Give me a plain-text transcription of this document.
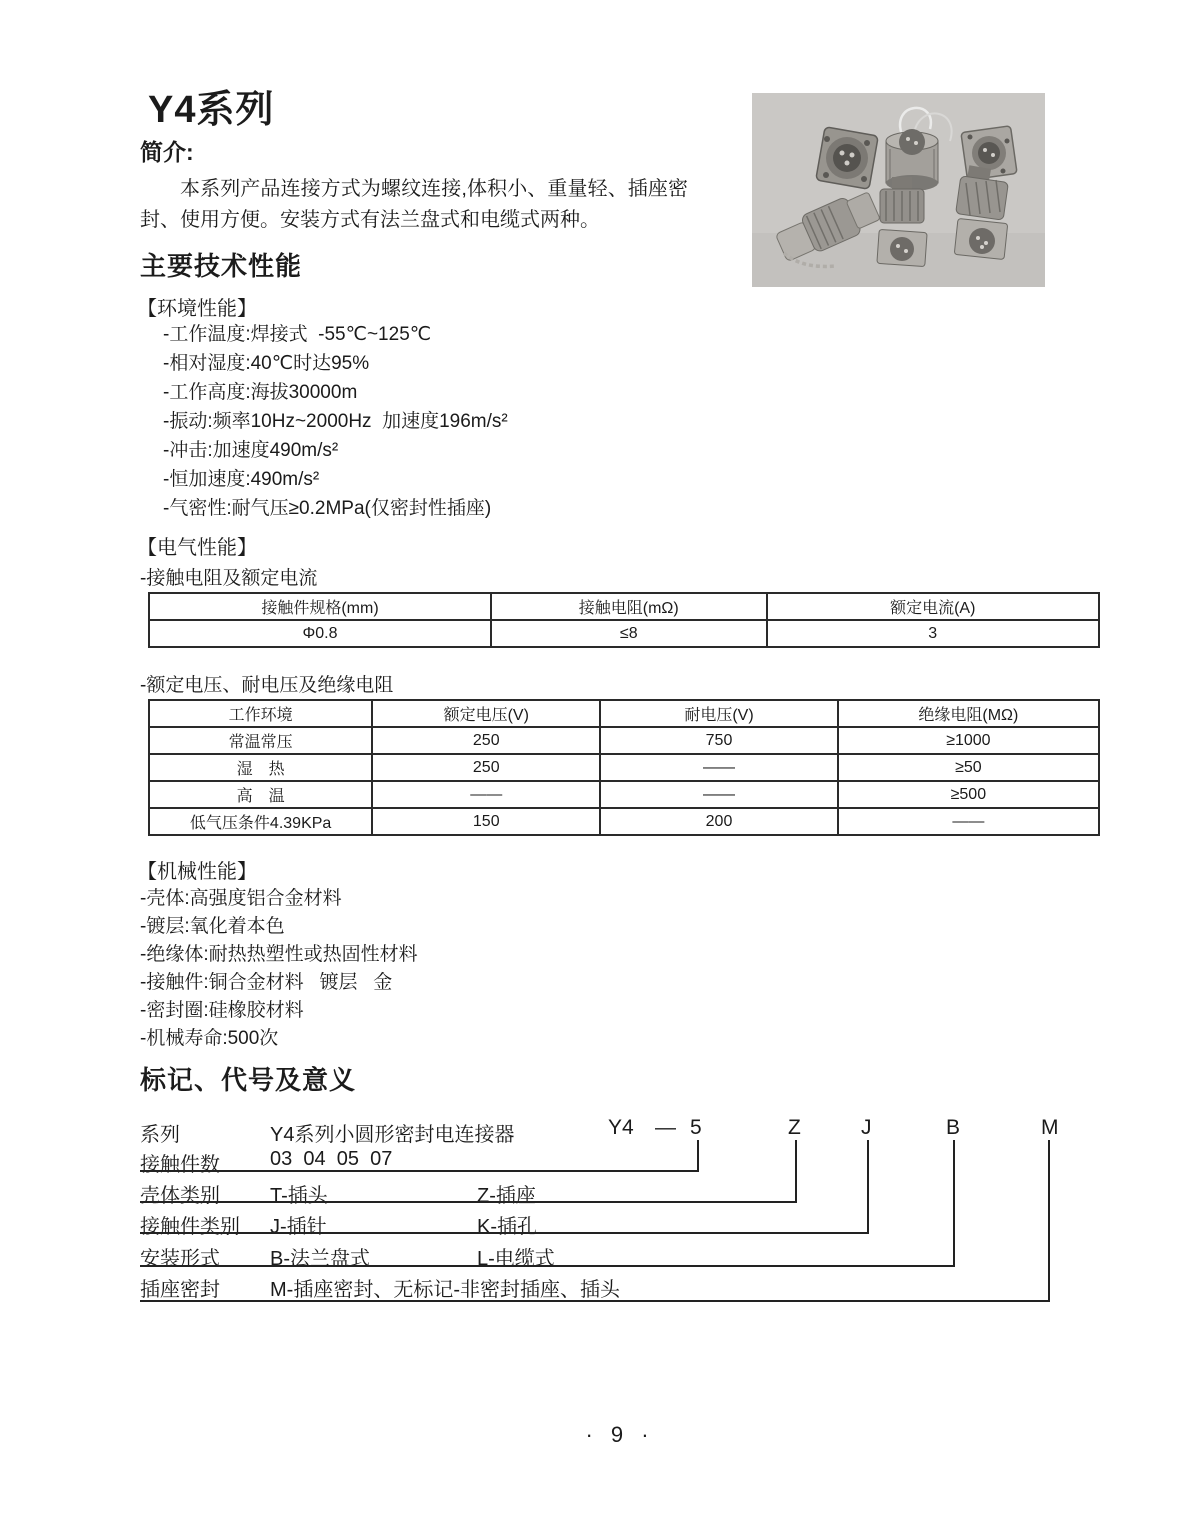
Y4系列
简介:
本系列产品连接方式为螺纹连接,体积小、重量轻、插座密封、使用方便。安装方式有法兰盘式和电缆式两种。
主要技术性能
【环境性能】
-工作温度:焊接式  -55℃~125℃
-相对湿度:40℃时达95%
-工作高度:海拔30000m
-振动:频率10Hz~2000Hz  加速度196m/s²
-冲击:加速度490m/s²
-恒加速度:490m/s²
-气密性:耐气压≥0.2MPa(仅密封性插座)
【电气性能】
-接触电阻及额定电流
接触件规格(mm)	接触电阻(mΩ)	额定电流(A)
Φ0.8	≤8	3
-额定电压、耐电压及绝缘电阻
工作环境	额定电压(V)	耐电压(V)	绝缘电阻(MΩ)
常温常压	250	750	≥1000
湿　热	250	——	≥50
高　温	——	——	≥500
低气压条件4.39KPa	150	200	——
【机械性能】
-壳体:高强度铝合金材料
-镀层:氧化着本色
-绝缘体:耐热热塑性或热固性材料
-接触件:铜合金材料   镀层   金
-密封圈:硅橡胶材料
-机械寿命:500次
标记、代号及意义
系列	Y4系列小圆形密封电连接器
接触件数	03  04  05  07
壳体类别	T-插头	Z-插座
接触件类别 J-插针	K-插孔
安装形式	B-法兰盘式	L-电缆式
插座密封	M-插座密封、无标记-非密封插座、插头
Y4 — 5	Z	J	B	M
· 9 ·
